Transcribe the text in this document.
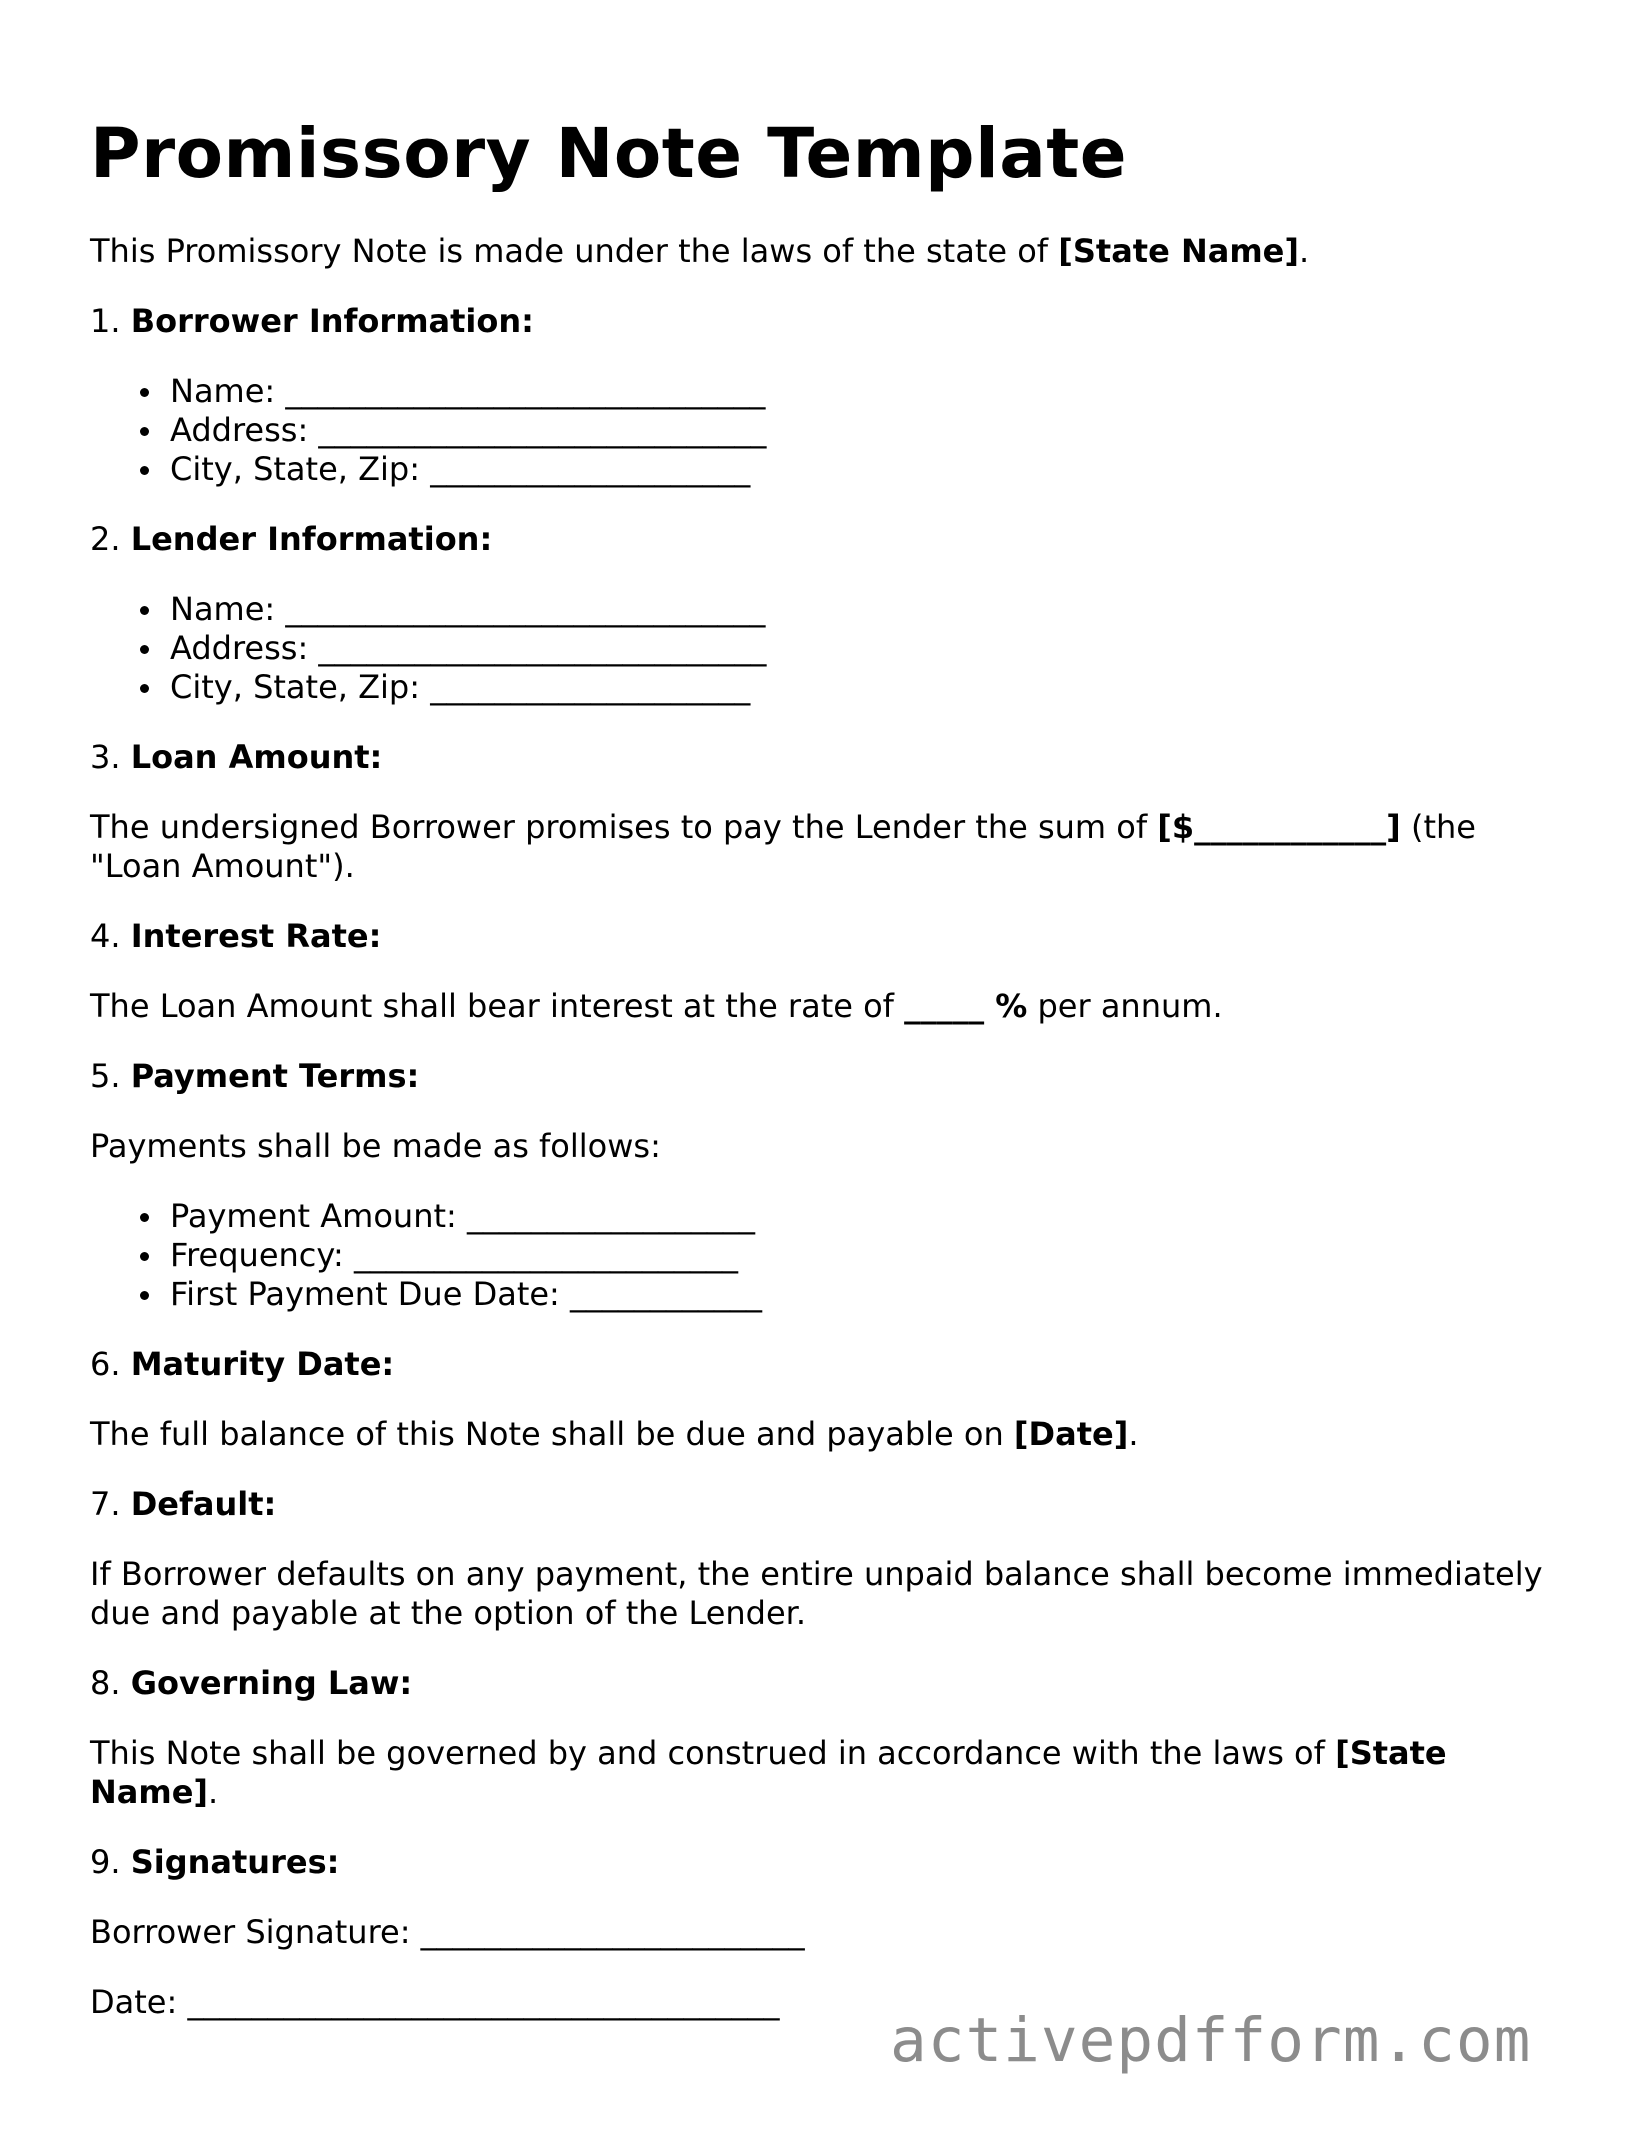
Promissory Note Template

This Promissory Note is made under the laws of the state of [State Name].

1. Borrower Information:
Name: ______________________________
Address: ____________________________
City, State, Zip: ____________________
2. Lender Information:
Name: ______________________________
Address: ____________________________
City, State, Zip: ____________________
3. Loan Amount:

The undersigned Borrower promises to pay the Lender the sum of [$____________] (the "Loan Amount").

4. Interest Rate:

The Loan Amount shall bear interest at the rate of _____ % per annum.

5. Payment Terms:

Payments shall be made as follows:

Payment Amount: __________________
Frequency: ________________________
First Payment Due Date: ____________
6. Maturity Date:

The full balance of this Note shall be due and payable on [Date].

7. Default:

If Borrower defaults on any payment, the entire unpaid balance shall become immediately due and payable at the option of the Lender.

8. Governing Law:

This Note shall be governed by and construed in accordance with the laws of [State Name].

9. Signatures:

Borrower Signature: ________________________

Date: _____________________________________

activepdfform.com
